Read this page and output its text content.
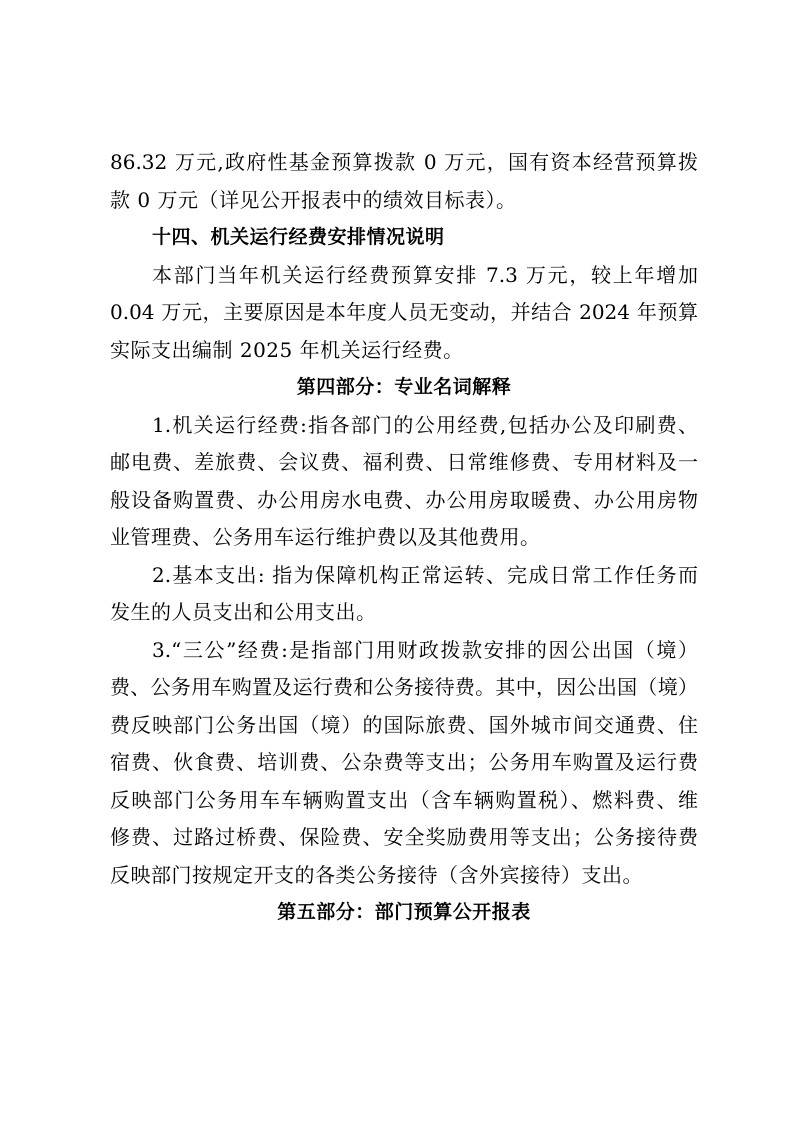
86.32 万元,政府性基金预算拨款 0 万元，国有资本经营预算拨
款 0 万元（详见公开报表中的绩效目标表）。
十四、机关运行经费安排情况说明
本部门当年机关运行经费预算安排 7.3 万元，较上年增加
0.04 万元，主要原因是本年度人员无变动，并结合 2024 年预算
实际支出编制 2025 年机关运行经费。
第四部分：专业名词解释
1.机关运行经费:指各部门的公用经费,包括办公及印刷费、
邮电费、差旅费、会议费、福利费、日常维修费、专用材料及一
般设备购置费、办公用房水电费、办公用房取暖费、办公用房物
业管理费、公务用车运行维护费以及其他费用。
2.基本支出: 指为保障机构正常运转、完成日常工作任务而
发生的人员支出和公用支出。
3.“三公”经费:是指部门用财政拨款安排的因公出国（境）
费、公务用车购置及运行费和公务接待费。其中，因公出国（境）
费反映部门公务出国（境）的国际旅费、国外城市间交通费、住
宿费、伙食费、培训费、公杂费等支出；公务用车购置及运行费
反映部门公务用车车辆购置支出（含车辆购置税）、燃料费、维
修费、过路过桥费、保险费、安全奖励费用等支出；公务接待费
反映部门按规定开支的各类公务接待（含外宾接待）支出。
第五部分：部门预算公开报表
